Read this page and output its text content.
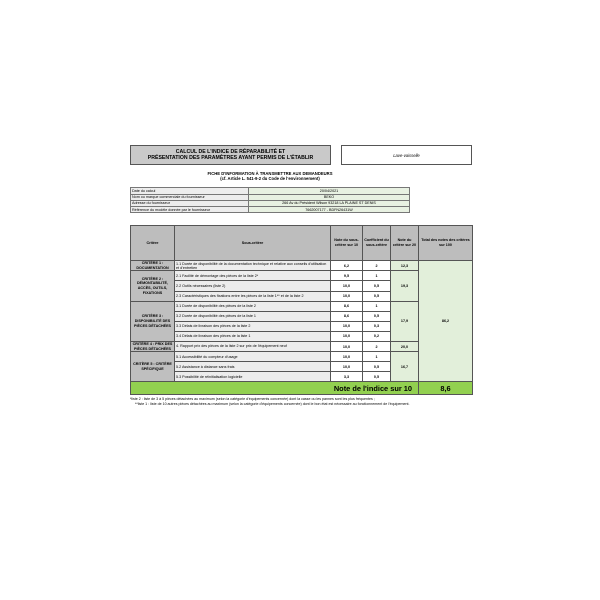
CALCUL DE L'INDICE DE RÉPARABILITÉ ET
PRÉSENTATION DES PARAMÈTRES AYANT PERMIS DE L'ÉTABLIR	Lave-vaisselle
FICHE D'INFORMATION À TRANSMETTRE AUX DEMANDEURS
(cf. Article L. 541-9-2 du Code de l'environnement)
Date du calcul	20/04/2021
Nom ou marque commerciale du fournisseur	BEKO
Adresse du fournisseur	266 Av du Président Wilson 93218 LA PLAINE ST DENIS
Référence du modèle donnée par le fournisseur	7662007177 - BDFN26431W
Critère	Sous-critère	Note du sous-critère sur 10	Coefficient du sous-critère	Note du critère sur 20	Total des notes des critères sur 100
CRITÈRE 1 : DOCUMENTATION	1.1 Durée de disponibilité de la documentation technique et relative aux conseils d'utilisation et d'entretien	6,2	2	12,3	86,2
CRITÈRE 2 : DÉMONTABILITÉ, ACCÈS, OUTILS, FIXATIONS	2.1 Facilité de démontage des pièces de la liste 2*	9,5	1	19,3	
	2.2 Outils nécessaires (liste 2)	10,0	0,5		
	2.3 Caractéristiques des fixations entre les pièces de la liste 1** et de la liste 2	10,0	0,5		
CRITÈRE 3 : DISPONIBILITÉ DES PIÈCES DÉTACHÉES	3.1 Durée de disponibilité des pièces de la liste 2	8,6	1	17,9	
	3.2 Durée de disponibilité des pièces de la liste 1	8,6	0,5		
	3.3 Délais de livraison des pièces de la liste 2	10,0	0,3		
	3.4 Délais de livraison des pièces de la liste 1	10,0	0,2		
CRITÈRE 4 : PRIX DES PIÈCES DÉTACHÉES	4. Rapport prix des pièces de la liste 2 sur prix de l'équipement neuf	10,0	2	20,0	
CRITÈRE 5 : CRITÈRE SPÉCIFIQUE	5.1 Accessibilité du compteur d'usage	10,0	1	16,7	
	5.2 Assistance à distance sans frais	10,0	0,5		
	5.3 Possibilité de réinitialisation logicielle	3,3	0,5		
Note de l'indice sur 10					8,6
*liste 2 : liste de 3 à 5 pièces détachées au maximum (selon la catégorie d'équipements concernée) dont la casse ou les pannes sont les plus fréquentes ;
**liste 1 : liste de 10 autres pièces détachées au maximum (selon la catégorie d'équipements concernée) dont le bon état est nécessaire au fonctionnement de l'équipement.
